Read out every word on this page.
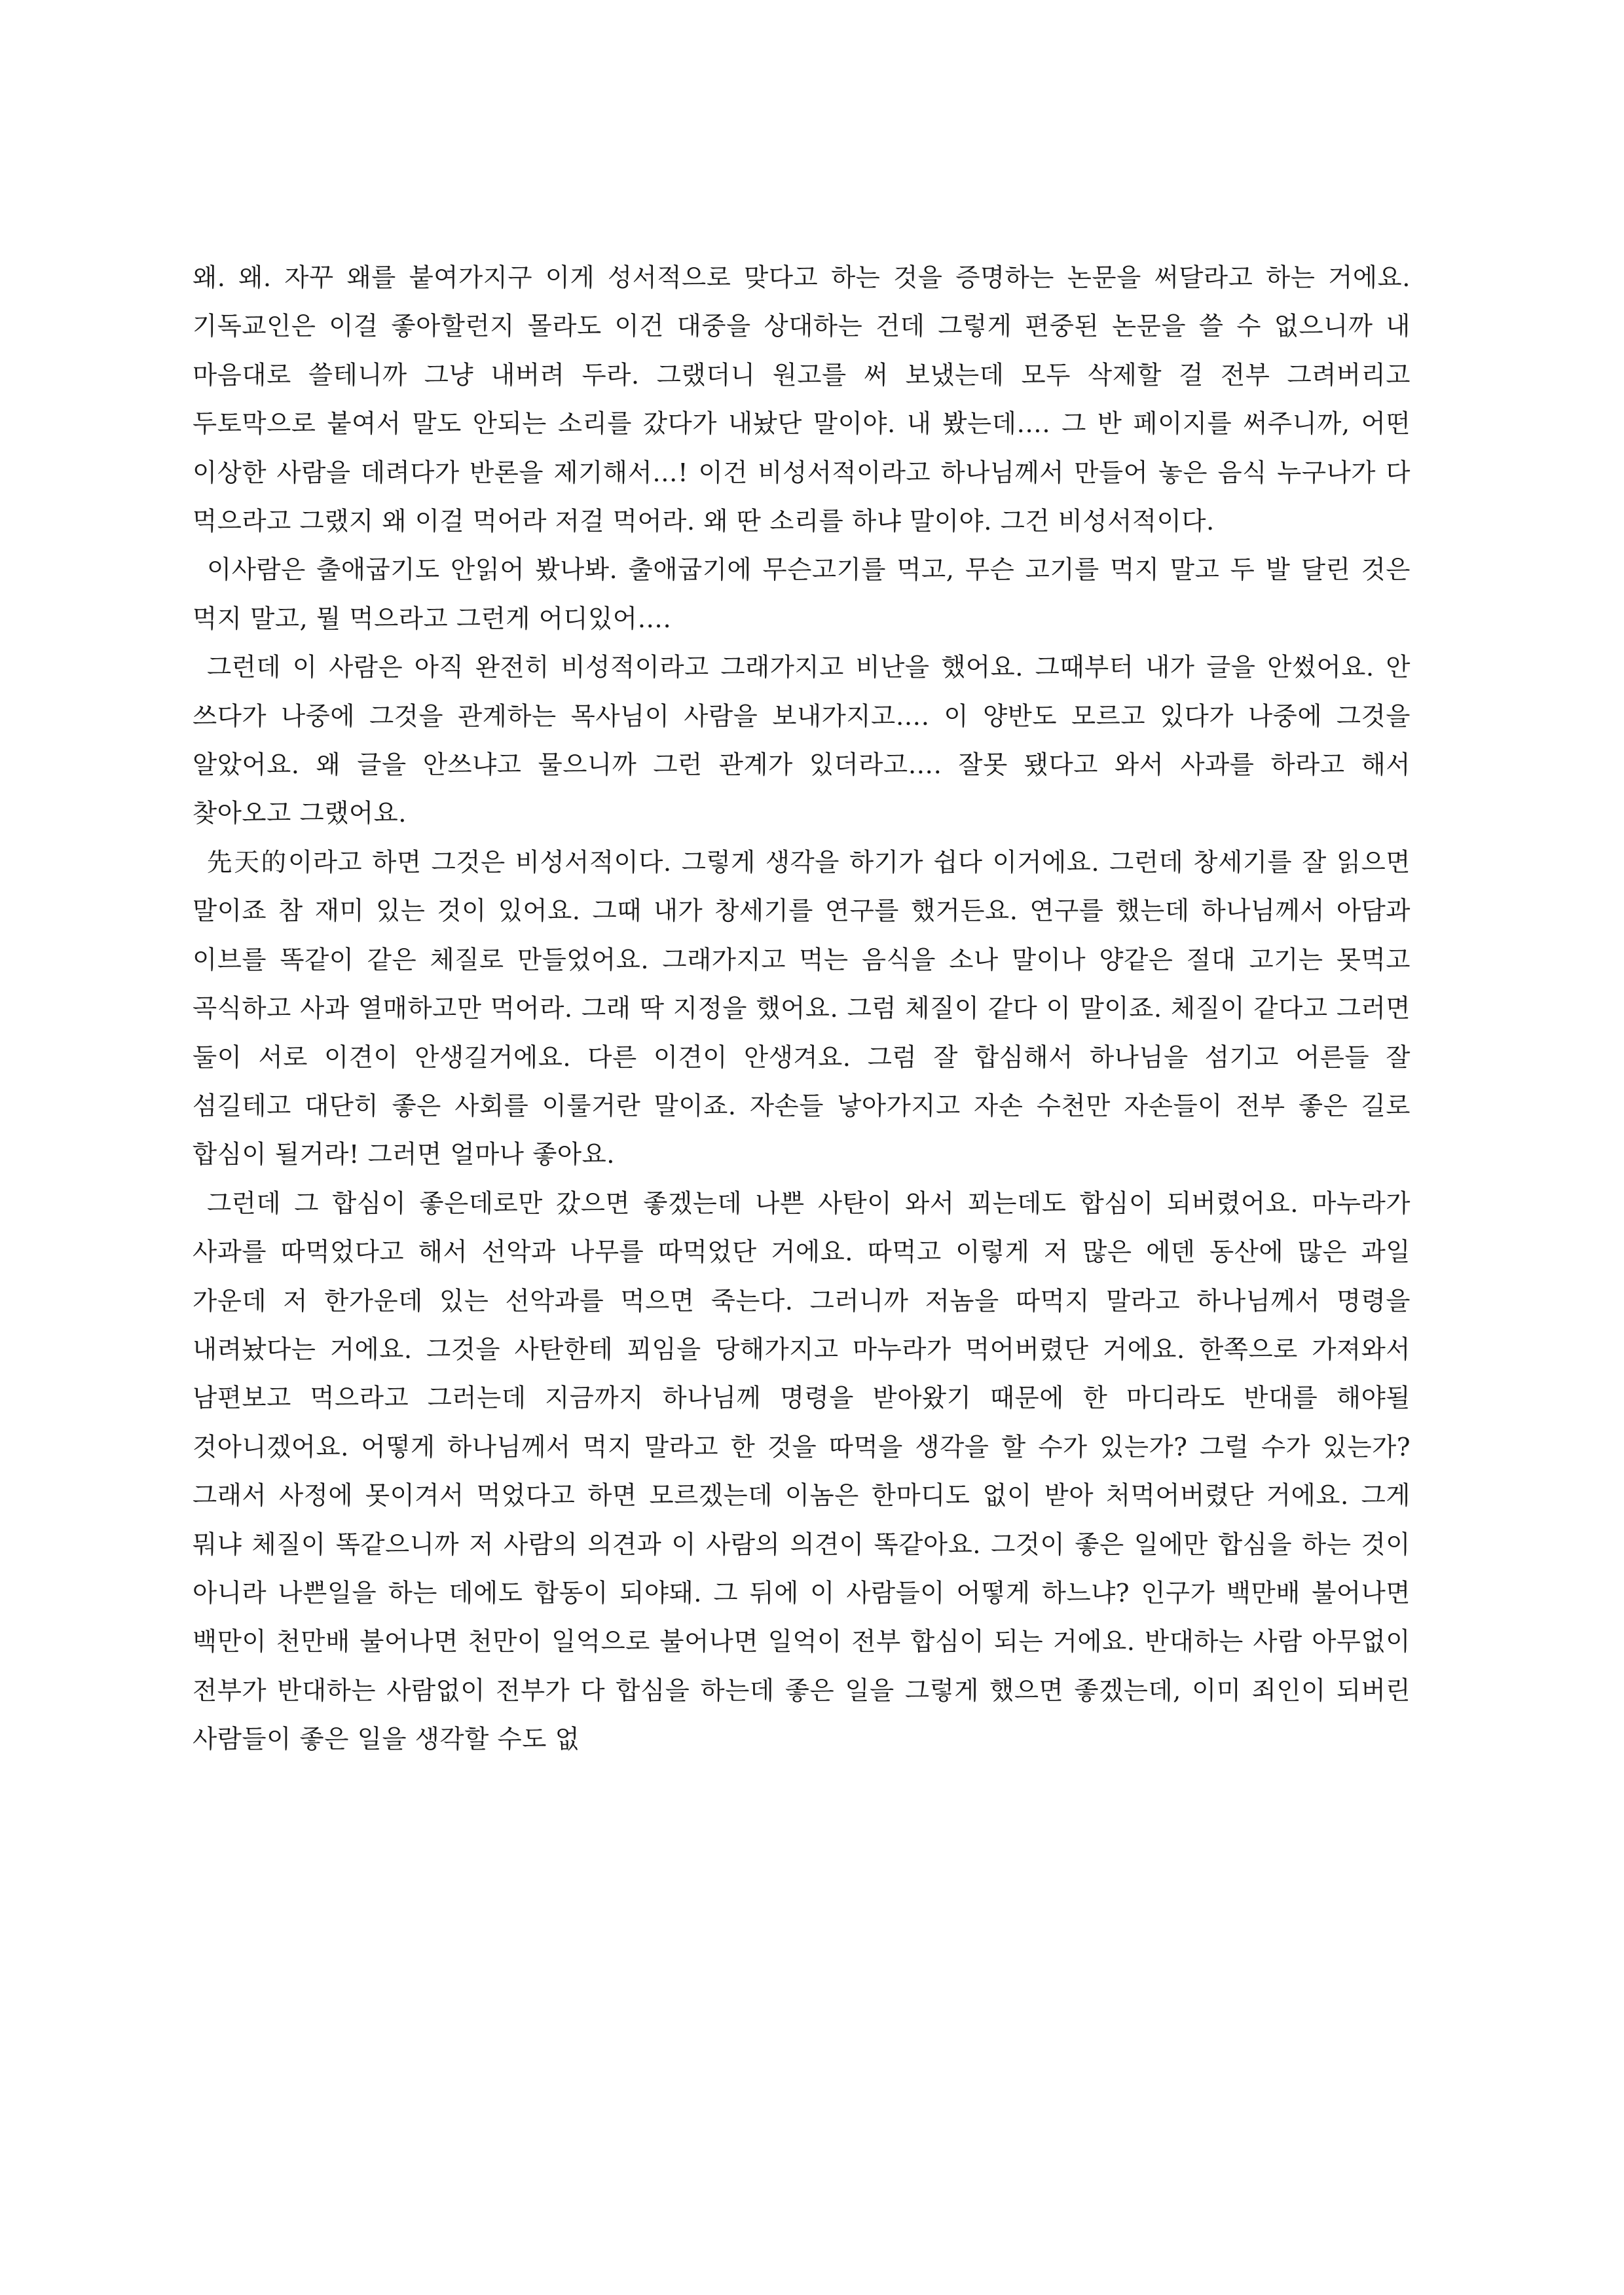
왜. 왜. 자꾸 왜를 붙여가지구 이게 성서적으로 맞다고 하는 것을 증명하는 논문을 써달라고 하는 거에요. 기독교인은 이걸 좋아할런지 몰라도 이건 대중을 상대하는 건데 그렇게 편중된 논문을 쓸 수 없으니까 내 마음대로 쓸테니까 그냥 내버려 두라. 그랬더니 원고를 써 보냈는데 모두 삭제할 걸 전부 그려버리고 두토막으로 붙여서 말도 안되는 소리를 갔다가 내놨단 말이야. 내 봤는데…. 그 반 페이지를 써주니까, 어떤 이상한 사람을 데려다가 반론을 제기해서…! 이건 비성서적이라고 하나님께서 만들어 놓은 음식 누구나가 다 먹으라고 그랬지 왜 이걸 먹어라 저걸 먹어라. 왜 딴 소리를 하냐 말이야. 그건 비성서적이다.

이사람은 출애굽기도 안읽어 봤나봐. 출애굽기에 무슨고기를 먹고, 무슨 고기를 먹지 말고 두 발 달린 것은 먹지 말고, 뭘 먹으라고 그런게 어디있어….

그런데 이 사람은 아직 완전히 비성적이라고 그래가지고 비난을 했어요. 그때부터 내가 글을 안썼어요. 안 쓰다가 나중에 그것을 관계하는 목사님이 사람을 보내가지고…. 이 양반도 모르고 있다가 나중에 그것을 알았어요. 왜 글을 안쓰냐고 물으니까 그런 관계가 있더라고…. 잘못 됐다고 와서 사과를 하라고 해서 찾아오고 그랬어요.

先天的이라고 하면 그것은 비성서적이다. 그렇게 생각을 하기가 쉽다 이거에요. 그런데 창세기를 잘 읽으면 말이죠 참 재미 있는 것이 있어요. 그때 내가 창세기를 연구를 했거든요. 연구를 했는데 하나님께서 아담과 이브를 똑같이 같은 체질로 만들었어요. 그래가지고 먹는 음식을 소나 말이나 양같은 절대 고기는 못먹고 곡식하고 사과 열매하고만 먹어라. 그래 딱 지정을 했어요. 그럼 체질이 같다 이 말이죠. 체질이 같다고 그러면 둘이 서로 이견이 안생길거에요. 다른 이견이 안생겨요. 그럼 잘 합심해서 하나님을 섬기고 어른들 잘 섬길테고 대단히 좋은 사회를 이룰거란 말이죠. 자손들 낳아가지고 자손 수천만 자손들이 전부 좋은 길로 합심이 될거라! 그러면 얼마나 좋아요.

그런데 그 합심이 좋은데로만 갔으면 좋겠는데 나쁜 사탄이 와서 꾀는데도 합심이 되버렸어요. 마누라가 사과를 따먹었다고 해서 선악과 나무를 따먹었단 거에요. 따먹고 이렇게 저 많은 에덴 동산에 많은 과일 가운데 저 한가운데 있는 선악과를 먹으면 죽는다. 그러니까 저놈을 따먹지 말라고 하나님께서 명령을 내려놨다는 거에요. 그것을 사탄한테 꾀임을 당해가지고 마누라가 먹어버렸단 거에요. 한쪽으로 가져와서 남편보고 먹으라고 그러는데 지금까지 하나님께 명령을 받아왔기 때문에 한 마디라도 반대를 해야될 것아니겠어요. 어떻게 하나님께서 먹지 말라고 한 것을 따먹을 생각을 할 수가 있는가? 그럴 수가 있는가? 그래서 사정에 못이겨서 먹었다고 하면 모르겠는데 이놈은 한마디도 없이 받아 처먹어버렸단 거에요. 그게 뭐냐 체질이 똑같으니까 저 사람의 의견과 이 사람의 의견이 똑같아요. 그것이 좋은 일에만 합심을 하는 것이 아니라 나쁜일을 하는 데에도 합동이 되야돼. 그 뒤에 이 사람들이 어떻게 하느냐? 인구가 백만배 불어나면 백만이 천만배 불어나면 천만이 일억으로 불어나면 일억이 전부 합심이 되는 거에요. 반대하는 사람 아무없이 전부가 반대하는 사람없이 전부가 다 합심을 하는데 좋은 일을 그렇게 했으면 좋겠는데, 이미 죄인이 되버린 사람들이 좋은 일을 생각할 수도 없
